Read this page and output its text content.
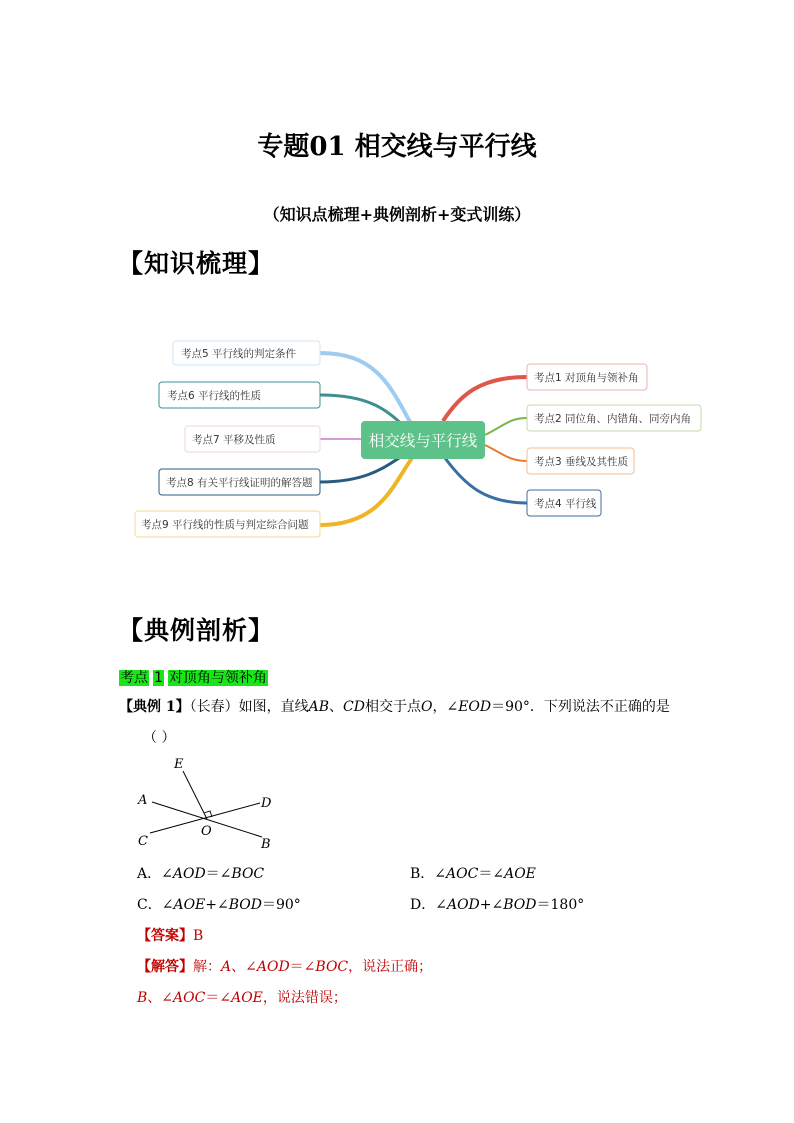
专题01 相交线与平行线
（知识点梳理+典例剖析+变式训练）
【知识梳理】
相交线与平行线
考点5 平行线的判定条件
考点6 平行线的性质
考点7 平移及性质
考点8 有关平行线证明的解答题
考点9 平行线的性质与判定综合问题
考点1 对顶角与领补角
考点2 同位角、内错角、同旁内角
考点3 垂线及其性质
考点4 平行线
【典例剖析】
考点 1 对顶角与领补角
【典例 1】（长春）如图，直线AB、CD相交于点O，∠EOD＝90°．下列说法不正确的是
（ ）
E
A	D
C
O
B
A．∠AOD＝∠BOC	B．∠AOC＝∠AOE
C．∠AOE+∠BOD＝90°	D．∠AOD+∠BOD＝180°
【答案】B
【解答】解：A、∠AOD＝∠BOC，说法正确；
B、∠AOC＝∠AOE，说法错误；
